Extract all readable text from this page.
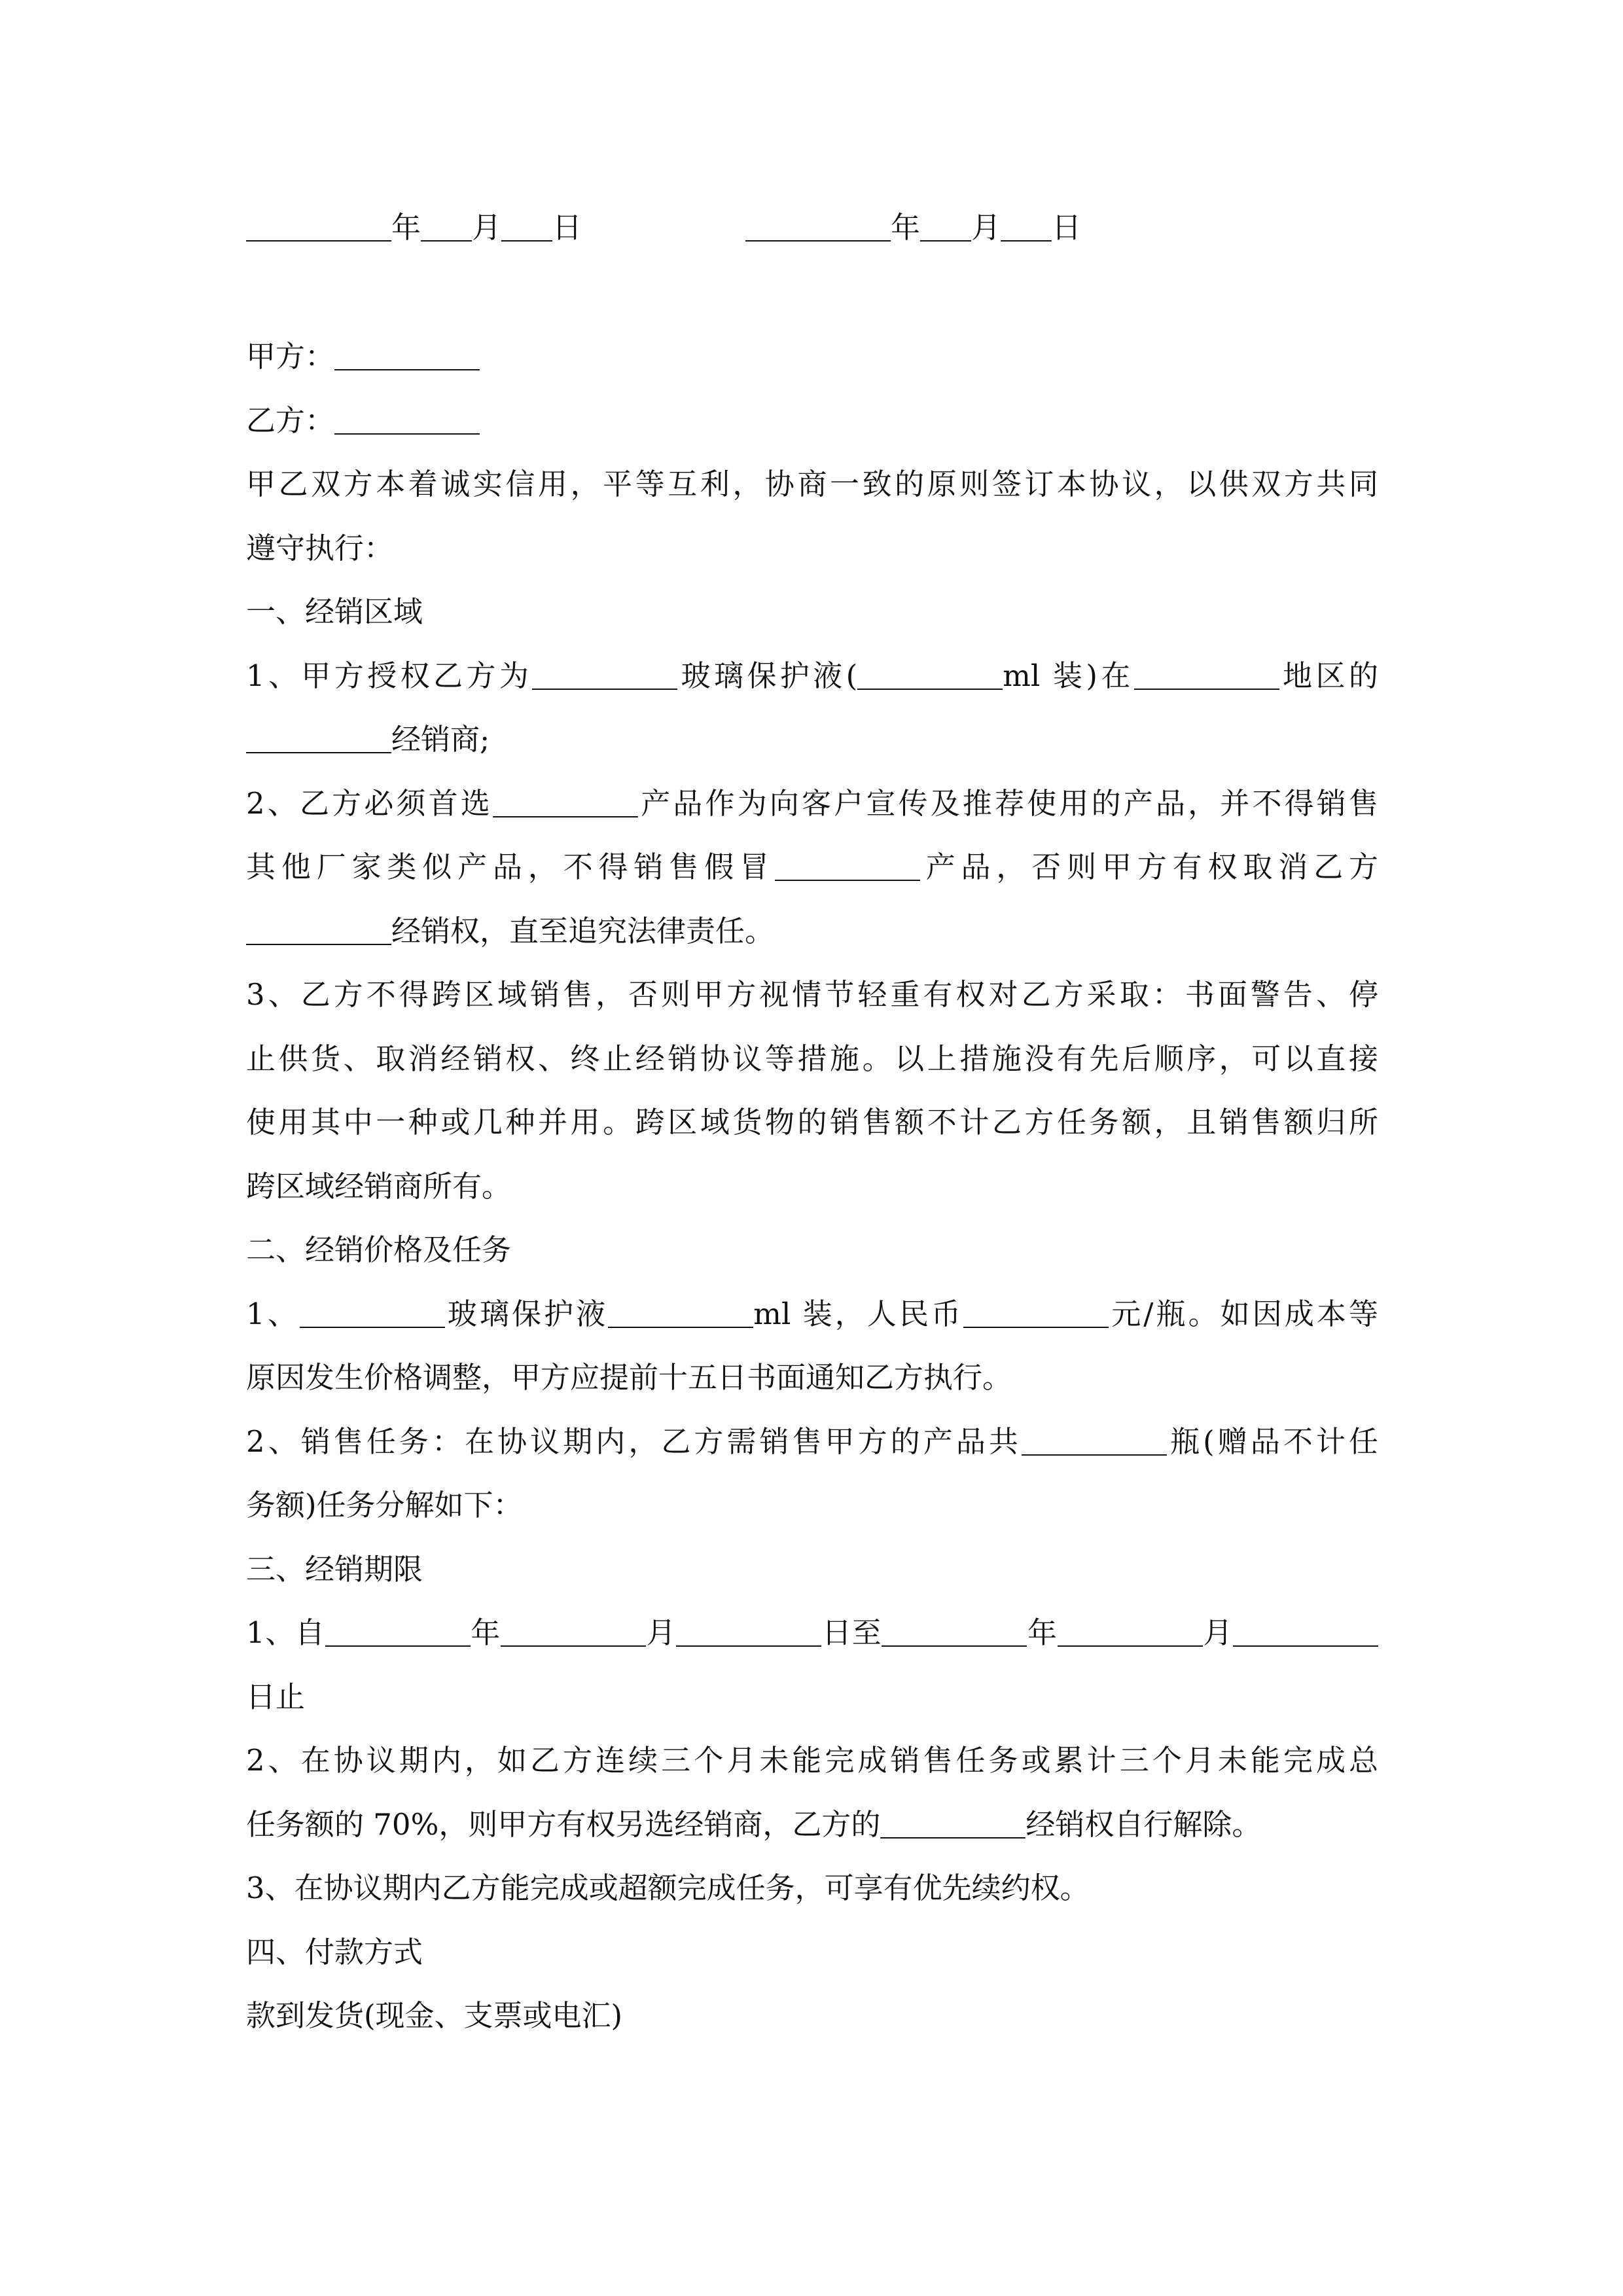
年 月 日	年 月 日
甲方：
乙方：
甲乙双方本着诚实信用，平等互利，协商一致的原则签订本协议，以供双方共同
遵守执行：
一、经销区域
1、甲方授权乙方为	玻璃保护液(	ml 装)在	地区的
经销商;
2、乙方必须首选	产品作为向客户宣传及推荐使用的产品，并不得销售
其他厂家类似产品，不得销售假冒	产品，否则甲方有权取消乙方
经销权，直至追究法律责任。
3、乙方不得跨区域销售，否则甲方视情节轻重有权对乙方采取：书面警告、停
止供货、取消经销权、终止经销协议等措施。以上措施没有先后顺序，可以直接
使用其中一种或几种并用。跨区域货物的销售额不计乙方任务额，且销售额归所
跨区域经销商所有。
二、经销价格及任务
1、	玻璃保护液	ml 装，人民币	元/瓶。如因成本等
原因发生价格调整，甲方应提前十五日书面通知乙方执行。
2、销售任务：在协议期内，乙方需销售甲方的产品共	瓶(赠品不计任
务额)任务分解如下：
三、经销期限
1、自	年	月	日至	年	月
日止
2、在协议期内，如乙方连续三个月未能完成销售任务或累计三个月未能完成总
任务额的 70%，则甲方有权另选经销商，乙方的	经销权自行解除。
3、在协议期内乙方能完成或超额完成任务，可享有优先续约权。
四、付款方式
款到发货(现金、支票或电汇)
